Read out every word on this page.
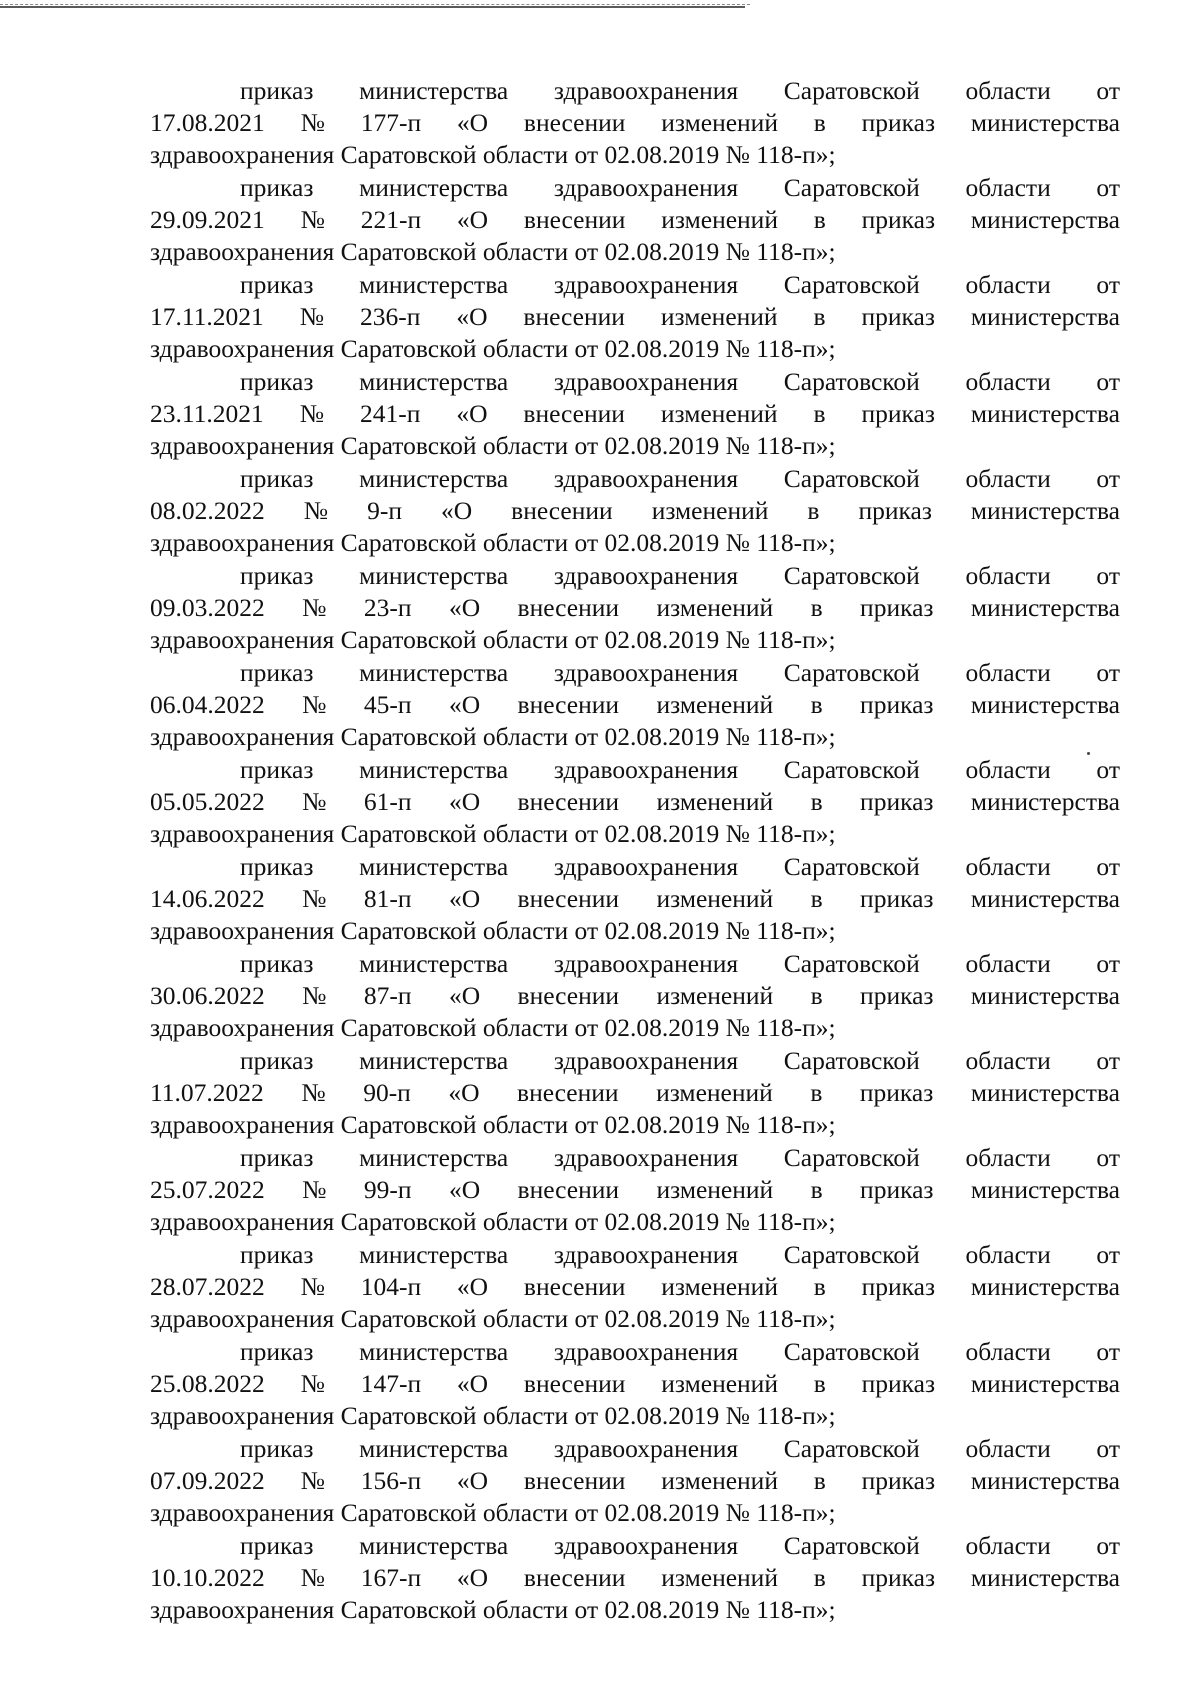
приказ министерства здравоохранения Саратовской области от
17.08.2021 № 177-п «О внесении изменений в приказ министерства
здравоохранения Саратовской области от 02.08.2019 № 118-п»;
приказ министерства здравоохранения Саратовской области от
29.09.2021 № 221-п «О внесении изменений в приказ министерства
здравоохранения Саратовской области от 02.08.2019 № 118-п»;
приказ министерства здравоохранения Саратовской области от
17.11.2021 № 236-п «О внесении изменений в приказ министерства
здравоохранения Саратовской области от 02.08.2019 № 118-п»;
приказ министерства здравоохранения Саратовской области от
23.11.2021 № 241-п «О внесении изменений в приказ министерства
здравоохранения Саратовской области от 02.08.2019 № 118-п»;
приказ министерства здравоохранения Саратовской области от
08.02.2022 № 9-п «О внесении изменений в приказ министерства
здравоохранения Саратовской области от 02.08.2019 № 118-п»;
приказ министерства здравоохранения Саратовской области от
09.03.2022 № 23-п «О внесении изменений в приказ министерства
здравоохранения Саратовской области от 02.08.2019 № 118-п»;
приказ министерства здравоохранения Саратовской области от
06.04.2022 № 45-п «О внесении изменений в приказ министерства
здравоохранения Саратовской области от 02.08.2019 № 118-п»;
приказ министерства здравоохранения Саратовской области от
05.05.2022 № 61-п «О внесении изменений в приказ министерства
здравоохранения Саратовской области от 02.08.2019 № 118-п»;
приказ министерства здравоохранения Саратовской области от
14.06.2022 № 81-п «О внесении изменений в приказ министерства
здравоохранения Саратовской области от 02.08.2019 № 118-п»;
приказ министерства здравоохранения Саратовской области от
30.06.2022 № 87-п «О внесении изменений в приказ министерства
здравоохранения Саратовской области от 02.08.2019 № 118-п»;
приказ министерства здравоохранения Саратовской области от
11.07.2022 № 90-п «О внесении изменений в приказ министерства
здравоохранения Саратовской области от 02.08.2019 № 118-п»;
приказ министерства здравоохранения Саратовской области от
25.07.2022 № 99-п «О внесении изменений в приказ министерства
здравоохранения Саратовской области от 02.08.2019 № 118-п»;
приказ министерства здравоохранения Саратовской области от
28.07.2022 № 104-п «О внесении изменений в приказ министерства
здравоохранения Саратовской области от 02.08.2019 № 118-п»;
приказ министерства здравоохранения Саратовской области от
25.08.2022 № 147-п «О внесении изменений в приказ министерства
здравоохранения Саратовской области от 02.08.2019 № 118-п»;
приказ министерства здравоохранения Саратовской области от
07.09.2022 № 156-п «О внесении изменений в приказ министерства
здравоохранения Саратовской области от 02.08.2019 № 118-п»;
приказ министерства здравоохранения Саратовской области от
10.10.2022 № 167-п «О внесении изменений в приказ министерства
здравоохранения Саратовской области от 02.08.2019 № 118-п»;
